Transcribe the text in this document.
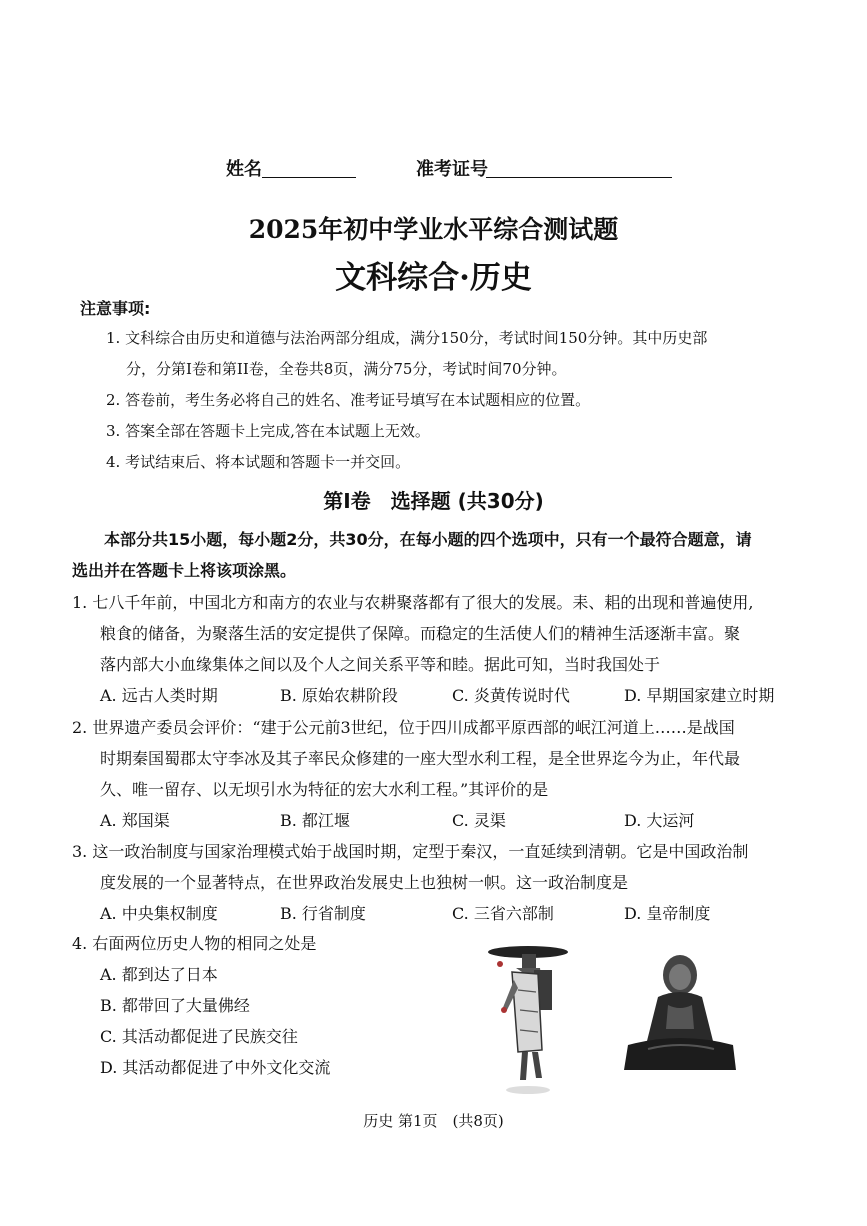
姓名	准考证号
2025年初中学业水平综合测试题
文科综合·历史
注意事项:
1. 文科综合由历史和道德与法治两部分组成，满分150分，考试时间150分钟。其中历史部
分，分第I卷和第II卷，全卷共8页，满分75分，考试时间70分钟。
2. 答卷前，考生务必将自己的姓名、准考证号填写在本试题相应的位置。
3. 答案全部在答题卡上完成,答在本试题上无效。
4. 考试结束后、将本试题和答题卡一并交回。
第I卷　选择题 (共30分)
本部分共15小题，每小题2分，共30分，在每小题的四个选项中，只有一个最符合题意，请
选出并在答题卡上将该项涂黑。
1. 七八千年前，中国北方和南方的农业与农耕聚落都有了很大的发展。耒、耜的出现和普遍使用,
粮食的储备，为聚落生活的安定提供了保障。而稳定的生活使人们的精神生活逐渐丰富。聚
落内部大小血缘集体之间以及个人之间关系平等和睦。据此可知，当时我国处于
A. 远古人类时期	B. 原始农耕阶段	C. 炎黄传说时代	D. 早期国家建立时期
2. 世界遗产委员会评价：“建于公元前3世纪，位于四川成都平原西部的岷江河道上……是战国
时期秦国蜀郡太守李冰及其子率民众修建的一座大型水利工程，是全世界迄今为止，年代最
久、唯一留存、以无坝引水为特征的宏大水利工程。”其评价的是
A. 郑国渠	B. 都江堰	C. 灵渠	D. 大运河
3. 这一政治制度与国家治理模式始于战国时期，定型于秦汉，一直延续到清朝。它是中国政治制
度发展的一个显著特点，在世界政治发展史上也独树一帜。这一政治制度是
A. 中央集权制度	B. 行省制度	C. 三省六部制	D. 皇帝制度
4. 右面两位历史人物的相同之处是
A. 都到达了日本
B. 都带回了大量佛经
C. 其活动都促进了民族交往
D. 其活动都促进了中外文化交流
历史 第1页　(共8页)
